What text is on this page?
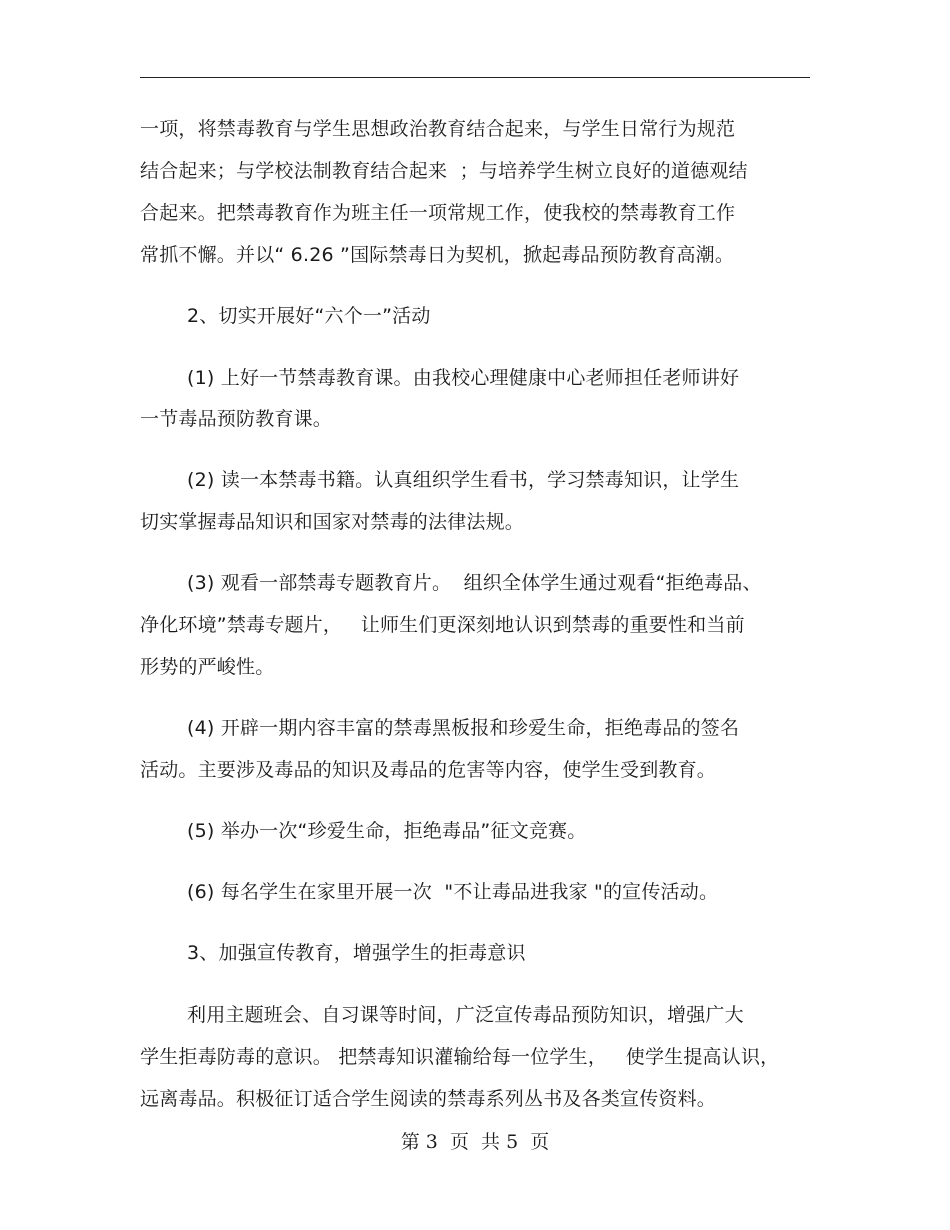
一项，将禁毒教育与学生思想政治教育结合起来，与学生日常行为规范
结合起来；与学校法制教育结合起来  ；与培养学生树立良好的道德观结
合起来。把禁毒教育作为班主任一项常规工作，使我校的禁毒教育工作
常抓不懈。并以“ 6.26 ”国际禁毒日为契机，掀起毒品预防教育高潮。
2、切实开展好“六个一”活动
(1) 上好一节禁毒教育课。由我校心理健康中心老师担任老师讲好
一节毒品预防教育课。
(2) 读一本禁毒书籍。认真组织学生看书，学习禁毒知识，让学生
切实掌握毒品知识和国家对禁毒的法律法规。
(3) 观看一部禁毒专题教育片。  组织全体学生通过观看“拒绝毒品、
净化环境”禁毒专题片，   让师生们更深刻地认识到禁毒的重要性和当前
形势的严峻性。
(4) 开辟一期内容丰富的禁毒黑板报和珍爱生命，拒绝毒品的签名
活动。主要涉及毒品的知识及毒品的危害等内容，使学生受到教育。
(5) 举办一次“珍爱生命，拒绝毒品”征文竞赛。
(6) 每名学生在家里开展一次  "不让毒品进我家 "的宣传活动。
3、加强宣传教育，增强学生的拒毒意识
利用主题班会、自习课等时间，广泛宣传毒品预防知识，增强广大
学生拒毒防毒的意识。 把禁毒知识灌输给每一位学生，   使学生提高认识，
远离毒品。积极征订适合学生阅读的禁毒系列丛书及各类宣传资料。
第 3  页  共 5  页
